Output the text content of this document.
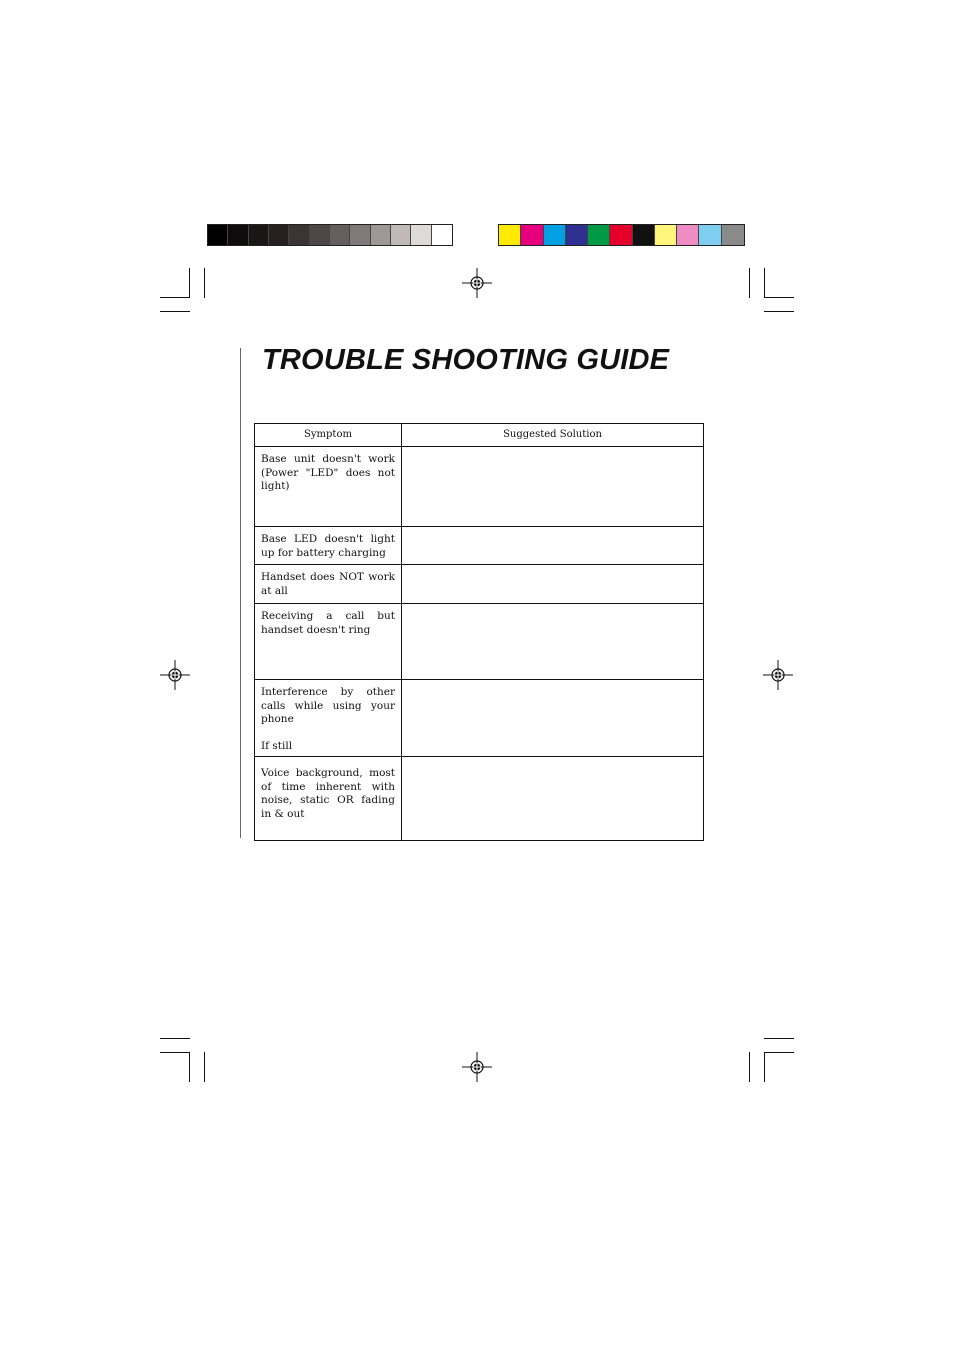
TROUBLE SHOOTING GUIDE
Symptom	Suggested Solution
Base unit doesn't work (Power "LED" does not light)	
Base LED doesn't light up for battery charging	
Handset does NOT work at all	
Receiving a call but handset doesn't ring	
Interference by other calls while using your phone
If still	
Voice background, most of time inherent with noise, static OR fading in & out	
